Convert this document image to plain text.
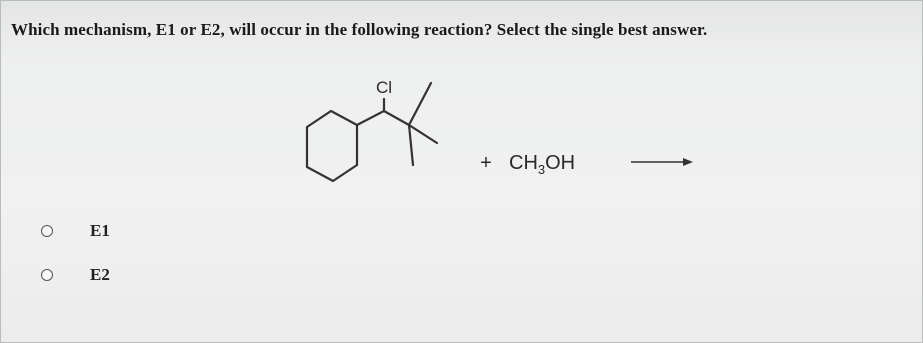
Which mechanism, E1 or E2, will occur in the following reaction? Select the single best answer.
Cl
+ $CH_3OH$
E1
E2
